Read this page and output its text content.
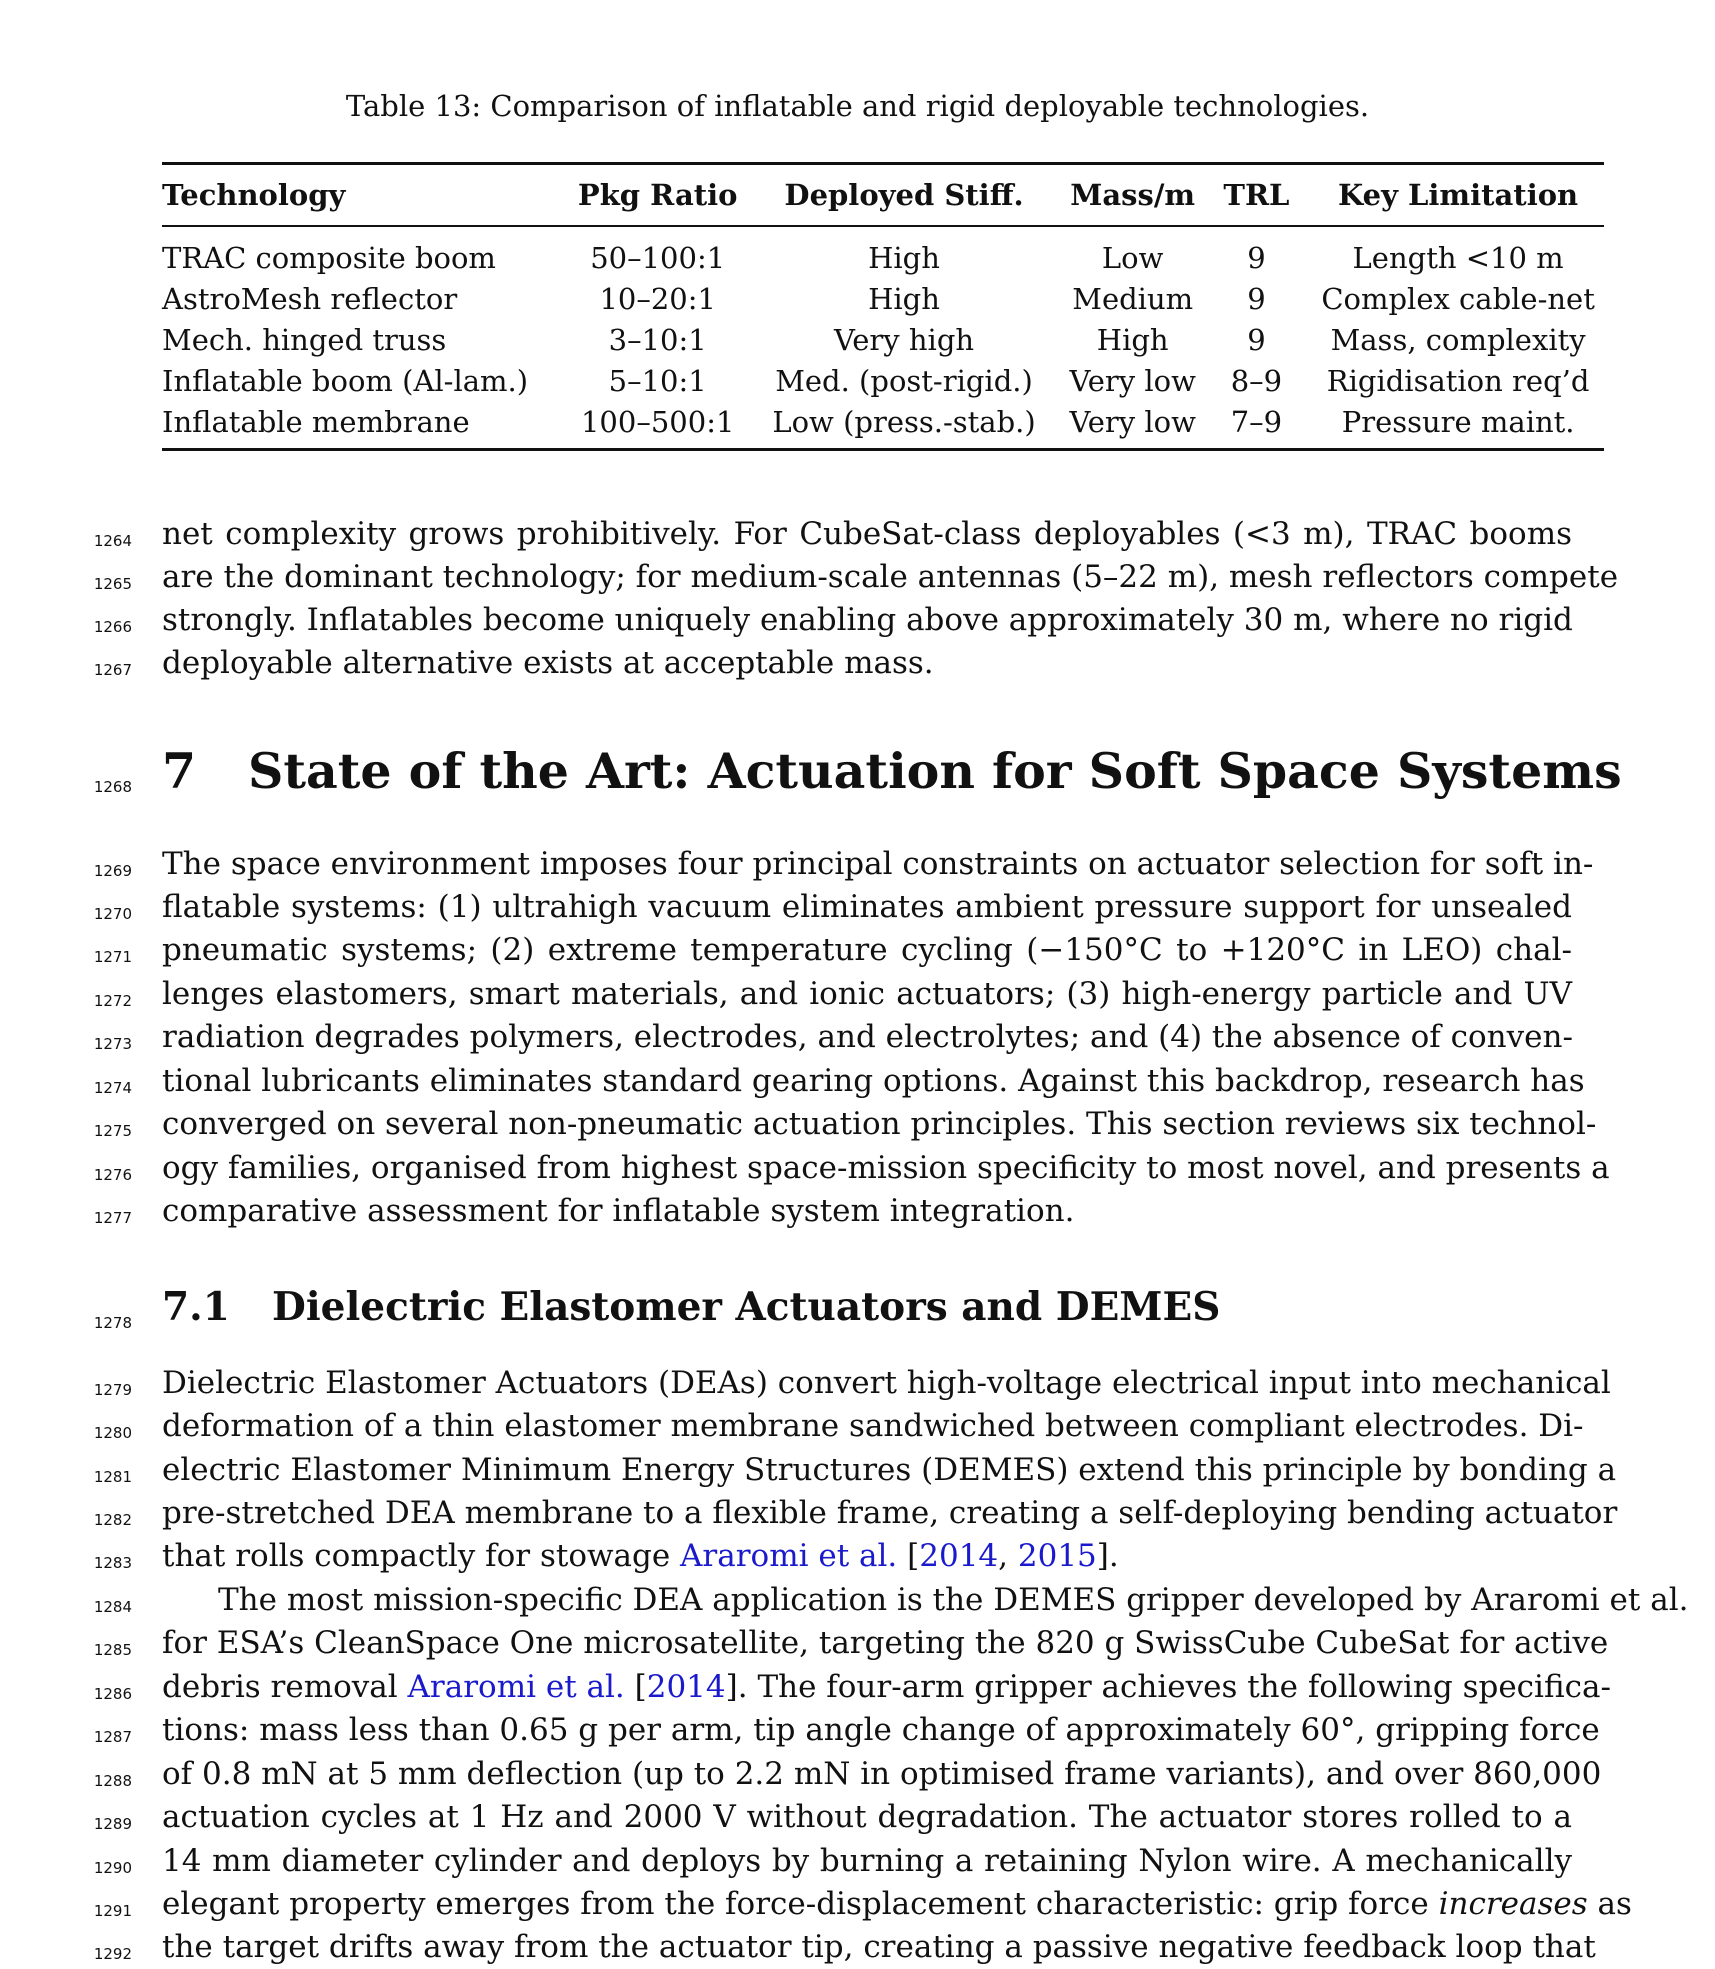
Table 13: Comparison of inflatable and rigid deployable technologies.
Technology	Pkg Ratio	Deployed Stiff.	Mass/m	TRL	Key Limitation
TRAC composite boom	50–100:1	High	Low	9	Length <10 m
AstroMesh reflector	10–20:1	High	Medium	9	Complex cable-net
Mech. hinged truss	3–10:1	Very high	High	9	Mass, complexity
Inflatable boom (Al-lam.)	5–10:1	Med. (post-rigid.)	Very low	8–9	Rigidisation req’d
Inflatable membrane	100–500:1	Low (press.-stab.)	Very low	7–9	Pressure maint.
1264 net complexity grows prohibitively. For CubeSat-class deployables (<3 m), TRAC booms
1265 are the dominant technology; for medium-scale antennas (5–22 m), mesh reflectors compete
1266 strongly. Inflatables become uniquely enabling above approximately 30 m, where no rigid
1267 deployable alternative exists at acceptable mass.
1268 7 State of the Art: Actuation for Soft Space Systems
1269 The space environment imposes four principal constraints on actuator selection for soft in-
1270 flatable systems: (1) ultrahigh vacuum eliminates ambient pressure support for unsealed
1271 pneumatic systems; (2) extreme temperature cycling (−150°C to +120°C in LEO) chal-
1272 lenges elastomers, smart materials, and ionic actuators; (3) high-energy particle and UV
1273 radiation degrades polymers, electrodes, and electrolytes; and (4) the absence of conven-
1274 tional lubricants eliminates standard gearing options. Against this backdrop, research has
1275 converged on several non-pneumatic actuation principles. This section reviews six technol-
1276 ogy families, organised from highest space-mission specificity to most novel, and presents a
1277 comparative assessment for inflatable system integration.
1278 7.1 Dielectric Elastomer Actuators and DEMES
1279 Dielectric Elastomer Actuators (DEAs) convert high-voltage electrical input into mechanical
1280 deformation of a thin elastomer membrane sandwiched between compliant electrodes. Di-
1281 electric Elastomer Minimum Energy Structures (DEMES) extend this principle by bonding a
1282 pre-stretched DEA membrane to a flexible frame, creating a self-deploying bending actuator
1283 that rolls compactly for stowage Araromi et al. [2014, 2015].
1284	The most mission-specific DEA application is the DEMES gripper developed by Araromi et al.
1285 for ESA’s CleanSpace One microsatellite, targeting the 820 g SwissCube CubeSat for active
1286 debris removal Araromi et al. [2014]. The four-arm gripper achieves the following specifica-
1287 tions: mass less than 0.65 g per arm, tip angle change of approximately 60°, gripping force
1288 of 0.8 mN at 5 mm deflection (up to 2.2 mN in optimised frame variants), and over 860,000
1289 actuation cycles at 1 Hz and 2000 V without degradation. The actuator stores rolled to a
1290 14 mm diameter cylinder and deploys by burning a retaining Nylon wire. A mechanically
1291 elegant property emerges from the force-displacement characteristic: grip force increases as
1292 the target drifts away from the actuator tip, creating a passive negative feedback loop that
